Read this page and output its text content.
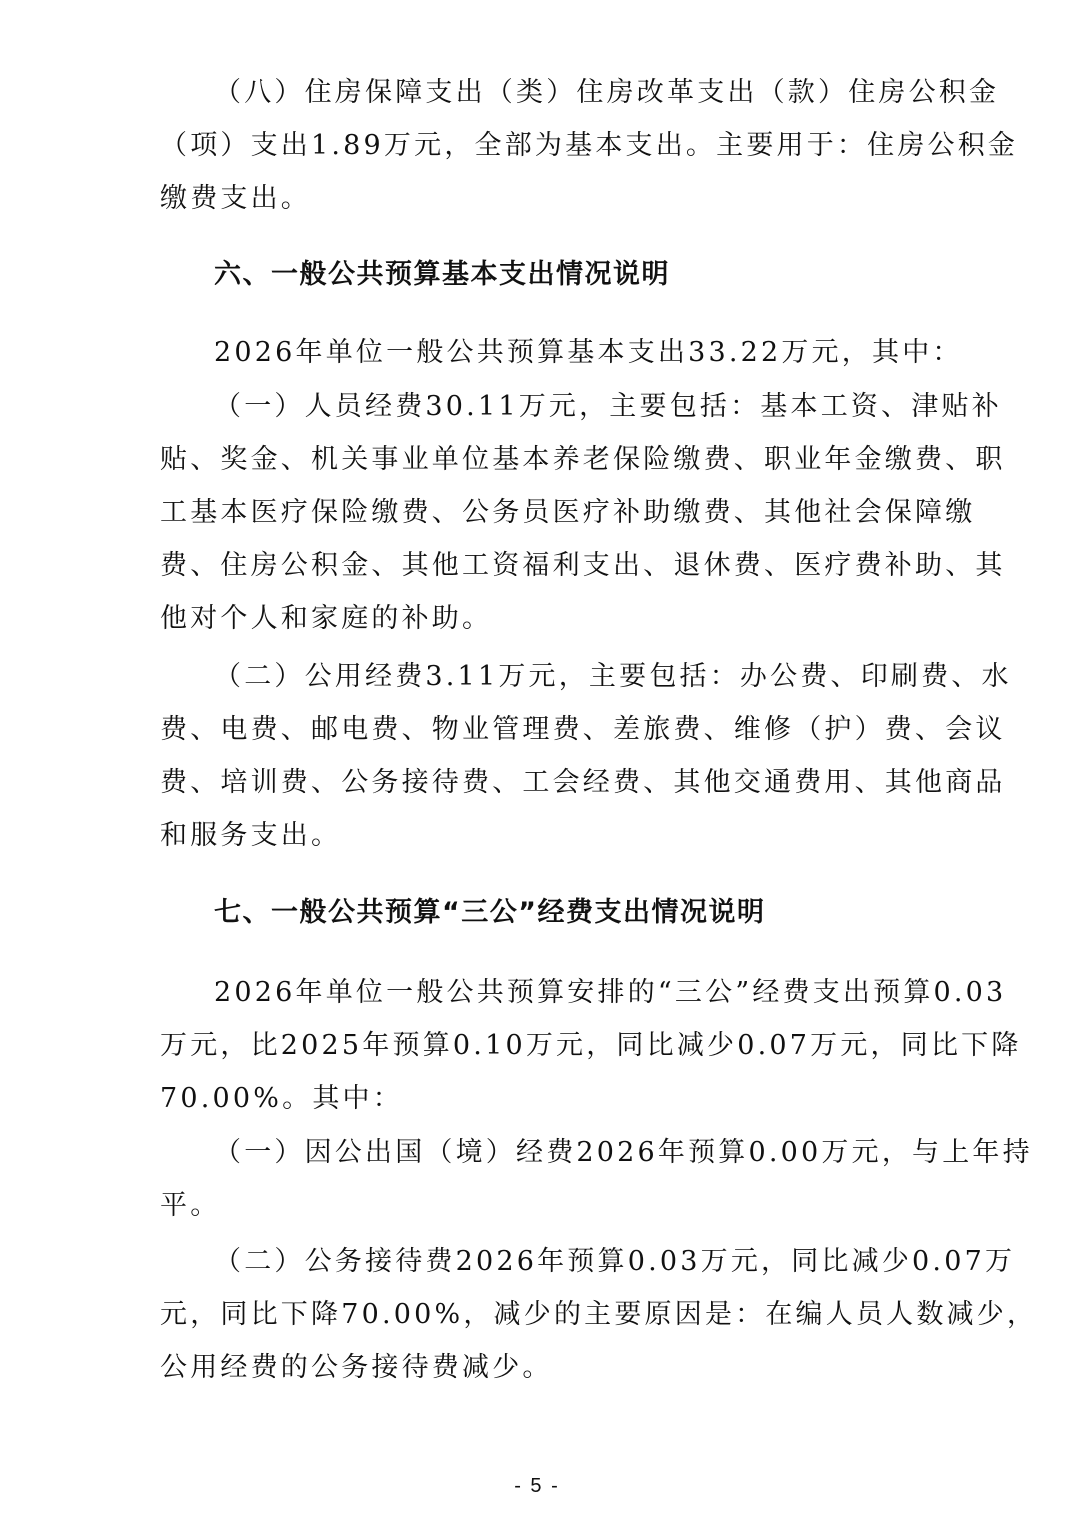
（八）住房保障支出（类）住房改革支出（款）住房公积金
（项）支出1.89万元，全部为基本支出。主要用于：住房公积金
缴费支出。

六、一般公共预算基本支出情况说明

2026年单位一般公共预算基本支出33.22万元，其中：

（一）人员经费30.11万元，主要包括：基本工资、津贴补
贴、奖金、机关事业单位基本养老保险缴费、职业年金缴费、职
工基本医疗保险缴费、公务员医疗补助缴费、其他社会保障缴
费、住房公积金、其他工资福利支出、退休费、医疗费补助、其
他对个人和家庭的补助。

（二）公用经费3.11万元，主要包括：办公费、印刷费、水
费、电费、邮电费、物业管理费、差旅费、维修（护）费、会议
费、培训费、公务接待费、工会经费、其他交通费用、其他商品
和服务支出。

七、一般公共预算“三公”经费支出情况说明

2026年单位一般公共预算安排的“三公”经费支出预算0.03
万元，比2025年预算0.10万元，同比减少0.07万元，同比下降
70.00%。其中：

（一）因公出国（境）经费2026年预算0.00万元，与上年持
平。

（二）公务接待费2026年预算0.03万元，同比减少0.07万
元，同比下降70.00%，减少的主要原因是：在编人员人数减少，
公用经费的公务接待费减少。

- 5 -
